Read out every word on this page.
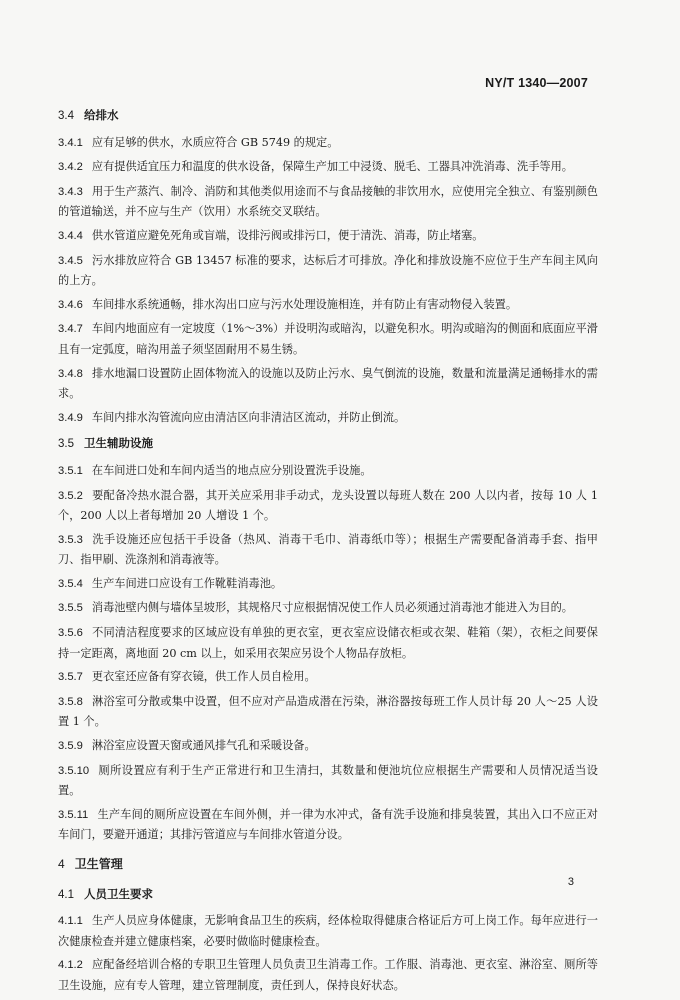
NY/T 1340—2007
3.4 给排水
3.4.1 应有足够的供水，水质应符合 GB 5749 的规定。
3.4.2 应有提供适宜压力和温度的供水设备，保障生产加工中浸烫、脱毛、工器具冲洗消毒、洗手等用。
3.4.3 用于生产蒸汽、制冷、消防和其他类似用途而不与食品接触的非饮用水，应使用完全独立、有鉴别颜色的管道输送，并不应与生产（饮用）水系统交叉联结。
3.4.4 供水管道应避免死角或盲端，设排污阀或排污口，便于清洗、消毒，防止堵塞。
3.4.5 污水排放应符合 GB 13457 标准的要求，达标后才可排放。净化和排放设施不应位于生产车间主风向的上方。
3.4.6 车间排水系统通畅，排水沟出口应与污水处理设施相连，并有防止有害动物侵入装置。
3.4.7 车间内地面应有一定坡度（1%～3%）并设明沟或暗沟，以避免积水。明沟或暗沟的侧面和底面应平滑且有一定弧度，暗沟用盖子须坚固耐用不易生锈。
3.4.8 排水地漏口设置防止固体物流入的设施以及防止污水、臭气倒流的设施，数量和流量满足通畅排水的需求。
3.4.9 车间内排水沟管流向应由清洁区向非清洁区流动，并防止倒流。
3.5 卫生辅助设施
3.5.1 在车间进口处和车间内适当的地点应分别设置洗手设施。
3.5.2 要配备冷热水混合器，其开关应采用非手动式，龙头设置以每班人数在 200 人以内者，按每 10 人 1 个，200 人以上者每增加 20 人增设 1 个。
3.5.3 洗手设施还应包括干手设备（热风、消毒干毛巾、消毒纸巾等）；根据生产需要配备消毒手套、指甲刀、指甲刷、洗涤剂和消毒液等。
3.5.4 生产车间进口应设有工作靴鞋消毒池。
3.5.5 消毒池壁内侧与墙体呈坡形，其规格尺寸应根据情况使工作人员必须通过消毒池才能进入为目的。
3.5.6 不同清洁程度要求的区域应设有单独的更衣室，更衣室应设储衣柜或衣架、鞋箱（架），衣柜之间要保持一定距离，离地面 20 cm 以上，如采用衣架应另设个人物品存放柜。
3.5.7 更衣室还应备有穿衣镜，供工作人员自检用。
3.5.8 淋浴室可分散或集中设置，但不应对产品造成潜在污染，淋浴器按每班工作人员计每 20 人～25 人设置 1 个。
3.5.9 淋浴室应设置天窗或通风排气孔和采暖设备。
3.5.10 厕所设置应有利于生产正常进行和卫生清扫，其数量和便池坑位应根据生产需要和人员情况适当设置。
3.5.11 生产车间的厕所应设置在车间外侧，并一律为水冲式，备有洗手设施和排臭装置，其出入口不应正对车间门，要避开通道；其排污管道应与车间排水管道分设。
4 卫生管理
4.1 人员卫生要求
4.1.1 生产人员应身体健康，无影响食品卫生的疾病，经体检取得健康合格证后方可上岗工作。每年应进行一次健康检查并建立健康档案，必要时做临时健康检查。
4.1.2 应配备经培训合格的专职卫生管理人员负责卫生消毒工作。工作服、消毒池、更衣室、淋浴室、厕所等卫生设施，应有专人管理，建立管理制度，责任到人，保持良好状态。
3
